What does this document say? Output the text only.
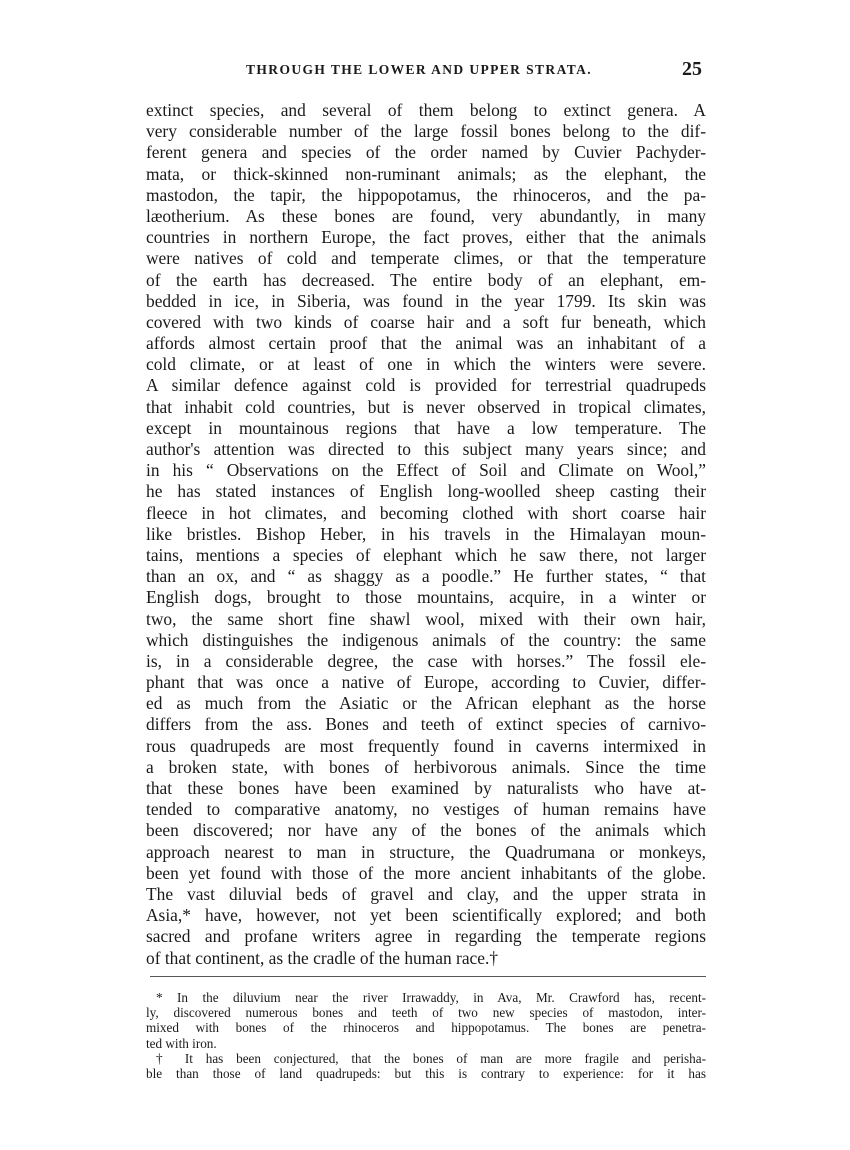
THROUGH THE LOWER AND UPPER STRATA.	25
extinct species, and several of them belong to extinct genera. A
very considerable number of the large fossil bones belong to the dif-
ferent genera and species of the order named by Cuvier Pachyder-
mata, or thick-skinned non-ruminant animals; as the elephant, the
mastodon, the tapir, the hippopotamus, the rhinoceros, and the pa-
læotherium. As these bones are found, very abundantly, in many
countries in northern Europe, the fact proves, either that the animals
were natives of cold and temperate climes, or that the temperature
of the earth has decreased. The entire body of an elephant, em-
bedded in ice, in Siberia, was found in the year 1799. Its skin was
covered with two kinds of coarse hair and a soft fur beneath, which
affords almost certain proof that the animal was an inhabitant of a
cold climate, or at least of one in which the winters were severe.
A similar defence against cold is provided for terrestrial quadrupeds
that inhabit cold countries, but is never observed in tropical climates,
except in mountainous regions that have a low temperature. The
author's attention was directed to this subject many years since; and
in his “ Observations on the Effect of Soil and Climate on Wool,”
he has stated instances of English long-woolled sheep casting their
fleece in hot climates, and becoming clothed with short coarse hair
like bristles. Bishop Heber, in his travels in the Himalayan moun-
tains, mentions a species of elephant which he saw there, not larger
than an ox, and “ as shaggy as a poodle.” He further states, “ that
English dogs, brought to those mountains, acquire, in a winter or
two, the same short fine shawl wool, mixed with their own hair,
which distinguishes the indigenous animals of the country: the same
is, in a considerable degree, the case with horses.” The fossil ele-
phant that was once a native of Europe, according to Cuvier, differ-
ed as much from the Asiatic or the African elephant as the horse
differs from the ass. Bones and teeth of extinct species of carnivo-
rous quadrupeds are most frequently found in caverns intermixed in
a broken state, with bones of herbivorous animals. Since the time
that these bones have been examined by naturalists who have at-
tended to comparative anatomy, no vestiges of human remains have
been discovered; nor have any of the bones of the animals which
approach nearest to man in structure, the Quadrumana or monkeys,
been yet found with those of the more ancient inhabitants of the globe.
The vast diluvial beds of gravel and clay, and the upper strata in
Asia,* have, however, not yet been scientifically explored; and both
sacred and profane writers agree in regarding the temperate regions
of that continent, as the cradle of the human race.†
* In the diluvium near the river Irrawaddy, in Ava, Mr. Crawford has, recent-
ly, discovered numerous bones and teeth of two new species of mastodon, inter-
mixed with bones of the rhinoceros and hippopotamus. The bones are penetra-
ted with iron.
† It has been conjectured, that the bones of man are more fragile and perisha-
ble than those of land quadrupeds: but this is contrary to experience: for it has
